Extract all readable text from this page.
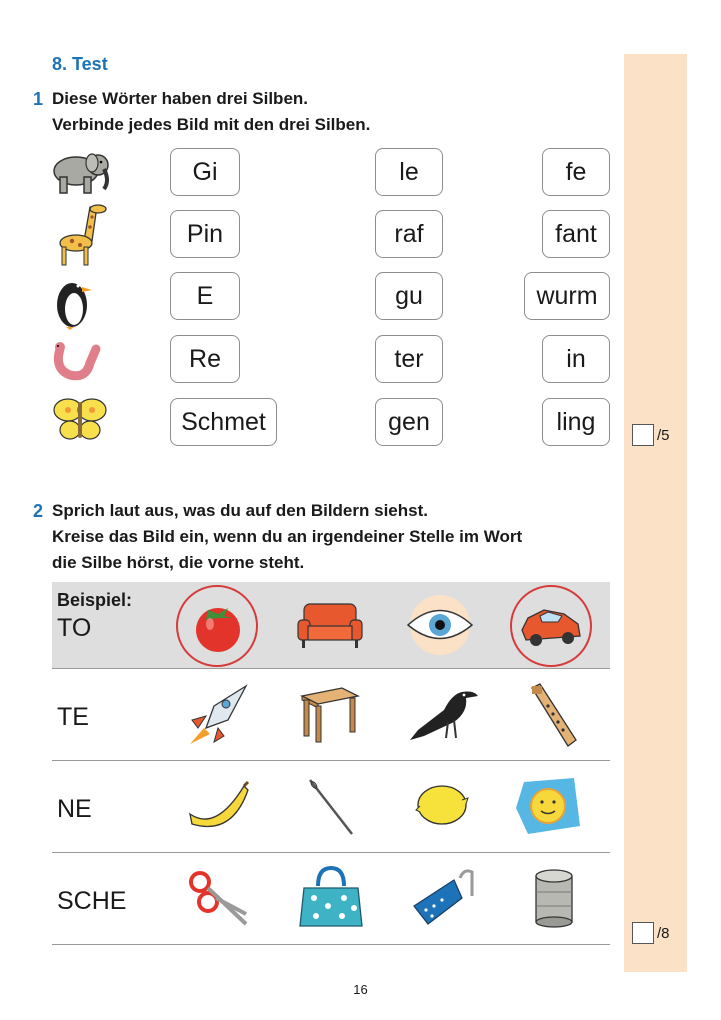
8. Test
1 Diese Wörter haben drei Silben.
Verbinde jedes Bild mit den drei Silben.
Gi
Pin
E
Re
Schmet
le
raf
gu
ter
gen
fe
fant
wurm
in
ling	/5
2 Sprich laut aus, was du auf den Bildern siehst.
Kreise das Bild ein, wenn du an irgendeiner Stelle im Wort
die Silbe hörst, die vorne steht.
Beispiel:
TO
TE
NE
SCHE
/8
16
